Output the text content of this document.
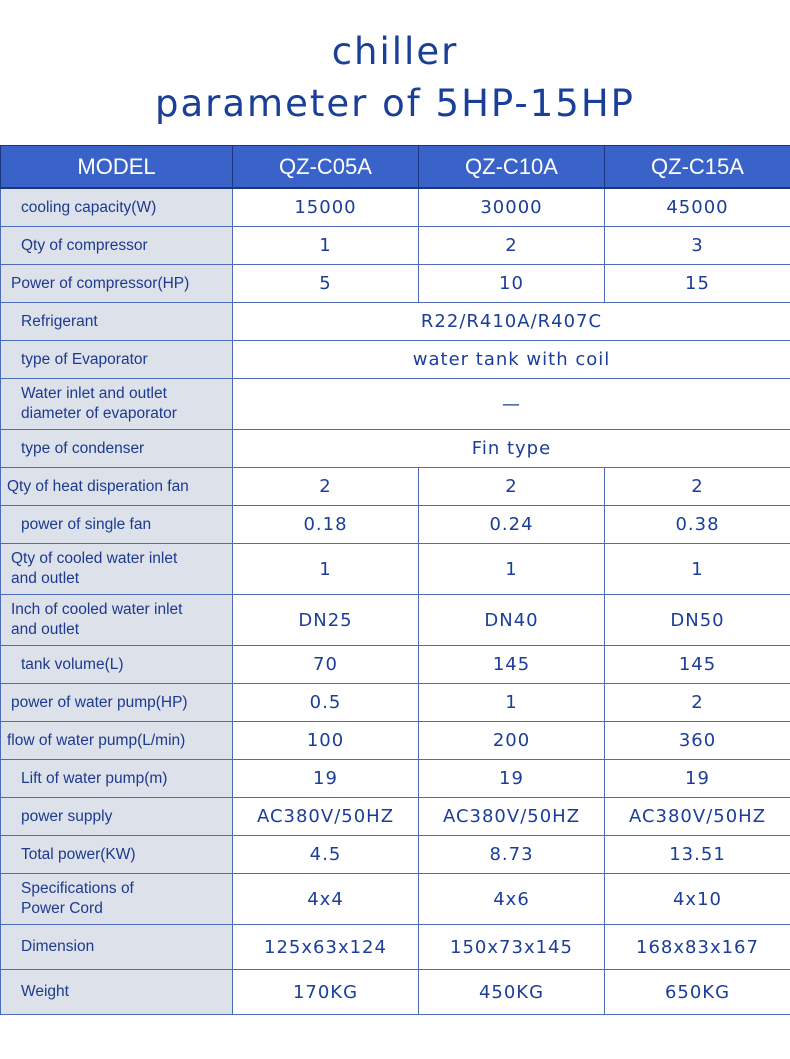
chiller
parameter of 5HP-15HP
MODEL	QZ-C05A	QZ-C10A	QZ-C15A
cooling capacity(W)	15000	30000	45000
Qty of compressor	1	2	3
Power of compressor(HP)	5	10	15
Refrigerant	R22/R410A/R407C		
type of Evaporator	water tank with coil		

Water inlet and outlet
diameter of evaporator	—		
type of condenser	Fin type		
Qty of heat disperation fan	2	2	2
power of single fan	0.18	0.24	0.38

Qty of cooled water inlet
and outlet	1	1	1

Inch of cooled water inlet
and outlet	DN25	DN40	DN50
tank volume(L)	70	145	145
power of water pump(HP)	0.5	1	2
flow of water pump(L/min)	100	200	360
Lift of water pump(m)	19	19	19
power supply	AC380V/50HZ	AC380V/50HZ	AC380V/50HZ
Total power(KW)	4.5	8.73	13.51

Specifications of
Power Cord	4x4	4x6	4x10
Dimension	125x63x124	150x73x145	168x83x167
Weight	170KG	450KG	650KG
